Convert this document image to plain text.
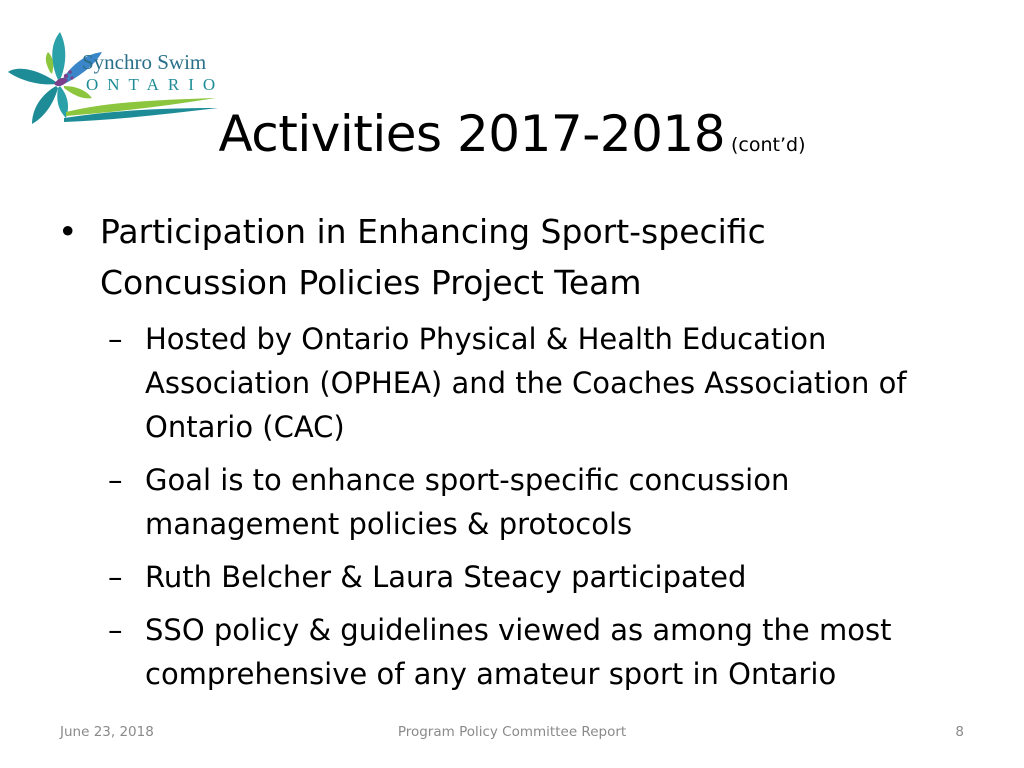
Synchro Swim
ONTARIO
Activities 2017-2018 (cont’d)
• Participation in Enhancing Sport-specific Concussion Policies Project Team
– Hosted by Ontario Physical & Health Education Association (OPHEA) and the Coaches Association of Ontario (CAC)
– Goal is to enhance sport-specific concussion management policies & protocols
– Ruth Belcher & Laura Steacy participated
– SSO policy & guidelines viewed as among the most comprehensive of any amateur sport in Ontario
June 23, 2018	Program Policy Committee Report	8
